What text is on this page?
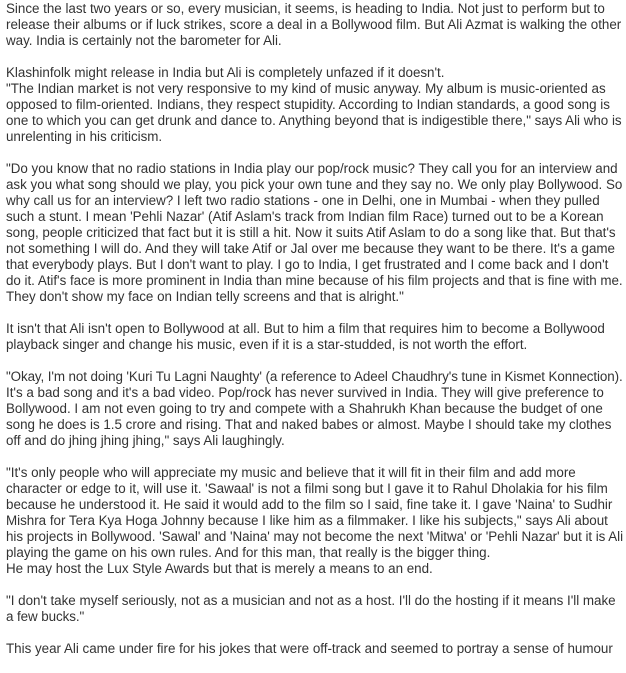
Since the last two years or so, every musician, it seems, is heading to India. Not just to perform but to
release their albums or if luck strikes, score a deal in a Bollywood film. But Ali Azmat is walking the other
way. India is certainly not the barometer for Ali.

Klashinfolk might release in India but Ali is completely unfazed if it doesn't.
"The Indian market is not very responsive to my kind of music anyway. My album is music-oriented as
opposed to film-oriented. Indians, they respect stupidity. According to Indian standards, a good song is
one to which you can get drunk and dance to. Anything beyond that is indigestible there," says Ali who is
unrelenting in his criticism.

"Do you know that no radio stations in India play our pop/rock music? They call you for an interview and
ask you what song should we play, you pick your own tune and they say no. We only play Bollywood. So
why call us for an interview? I left two radio stations - one in Delhi, one in Mumbai - when they pulled
such a stunt. I mean 'Pehli Nazar' (Atif Aslam's track from Indian film Race) turned out to be a Korean
song, people criticized that fact but it is still a hit. Now it suits Atif Aslam to do a song like that. But that's
not something I will do. And they will take Atif or Jal over me because they want to be there. It's a game
that everybody plays. But I don't want to play. I go to India, I get frustrated and I come back and I don't
do it. Atif's face is more prominent in India than mine because of his film projects and that is fine with me.
They don't show my face on Indian telly screens and that is alright."

It isn't that Ali isn't open to Bollywood at all. But to him a film that requires him to become a Bollywood
playback singer and change his music, even if it is a star-studded, is not worth the effort.

"Okay, I'm not doing 'Kuri Tu Lagni Naughty' (a reference to Adeel Chaudhry's tune in Kismet Konnection).
It's a bad song and it's a bad video. Pop/rock has never survived in India. They will give preference to
Bollywood. I am not even going to try and compete with a Shahrukh Khan because the budget of one
song he does is 1.5 crore and rising. That and naked babes or almost. Maybe I should take my clothes
off and do jhing jhing jhing," says Ali laughingly.

"It's only people who will appreciate my music and believe that it will fit in their film and add more
character or edge to it, will use it. 'Sawaal' is not a filmi song but I gave it to Rahul Dholakia for his film
because he understood it. He said it would add to the film so I said, fine take it. I gave 'Naina' to Sudhir
Mishra for Tera Kya Hoga Johnny because I like him as a filmmaker. I like his subjects," says Ali about
his projects in Bollywood. 'Sawal' and 'Naina' may not become the next 'Mitwa' or 'Pehli Nazar' but it is Ali
playing the game on his own rules. And for this man, that really is the bigger thing.
He may host the Lux Style Awards but that is merely a means to an end.

"I don't take myself seriously, not as a musician and not as a host. I'll do the hosting if it means I'll make
a few bucks."

This year Ali came under fire for his jokes that were off-track and seemed to portray a sense of humour
